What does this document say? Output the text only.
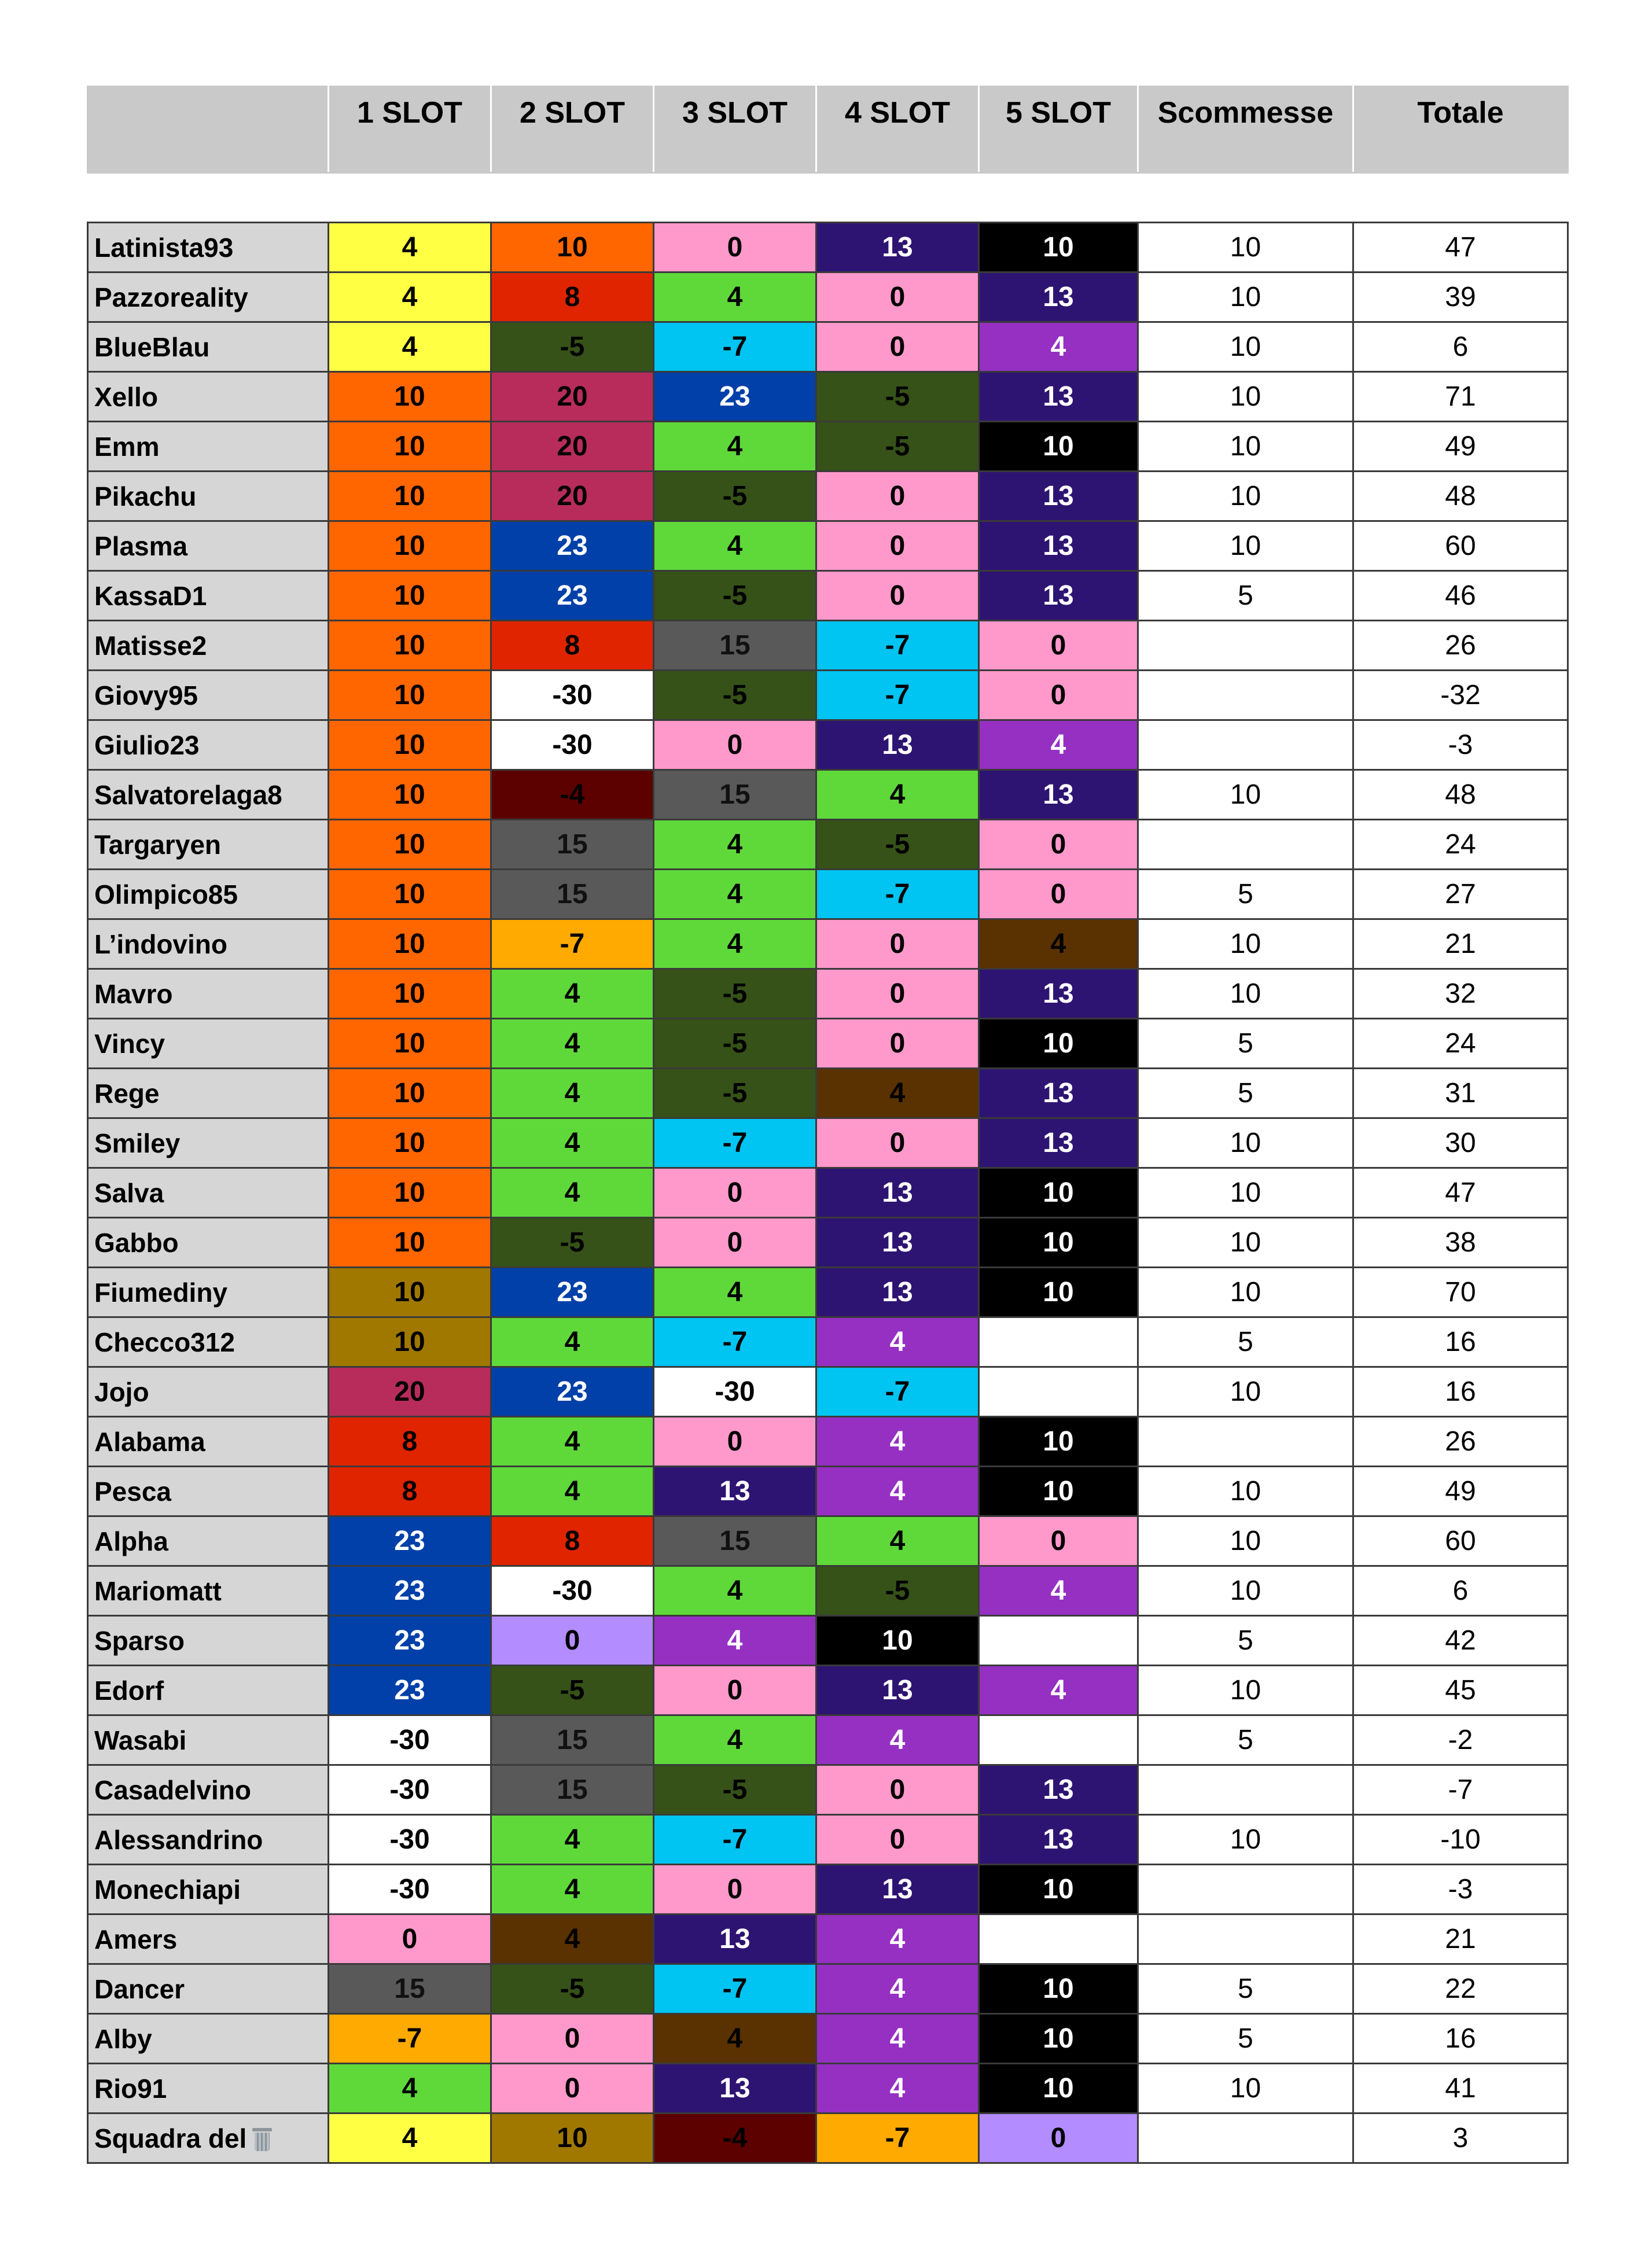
	1 SLOT	2 SLOT	3 SLOT	4 SLOT	5 SLOT	Scommesse	Totale

Latinista93	4	10	0	13	10	10	47
Pazzoreality	4	8	4	0	13	10	39
BlueBlau	4	-5	-7	0	4	10	6
Xello	10	20	23	-5	13	10	71
Emm	10	20	4	-5	10	10	49
Pikachu	10	20	-5	0	13	10	48
Plasma	10	23	4	0	13	10	60
KassaD1	10	23	-5	0	13	5	46
Matisse2	10	8	15	-7	0		26
Giovy95	10	-30	-5	-7	0		-32
Giulio23	10	-30	0	13	4		-3
Salvatorelaga8	10	-4	15	4	13	10	48
Targaryen	10	15	4	-5	0		24
Olimpico85	10	15	4	-7	0	5	27
L’indovino	10	-7	4	0	4	10	21
Mavro	10	4	-5	0	13	10	32
Vincy	10	4	-5	0	10	5	24
Rege	10	4	-5	4	13	5	31
Smiley	10	4	-7	0	13	10	30
Salva	10	4	0	13	10	10	47
Gabbo	10	-5	0	13	10	10	38
Fiumediny	10	23	4	13	10	10	70
Checco312	10	4	-7	4		5	16
Jojo	20	23	-30	-7		10	16
Alabama	8	4	0	4	10		26
Pesca	8	4	13	4	10	10	49
Alpha	23	8	15	4	0	10	60
Mariomatt	23	-30	4	-5	4	10	6
Sparso	23	0	4	10		5	42
Edorf	23	-5	0	13	4	10	45
Wasabi	-30	15	4	4		5	-2
Casadelvino	-30	15	-5	0	13		-7
Alessandrino	-30	4	-7	0	13	10	-10
Monechiapi	-30	4	0	13	10		-3
Amers	0	4	13	4			21
Dancer	15	-5	-7	4	10	5	22
Alby	-7	0	4	4	10	5	16
Rio91	4	0	13	4	10	10	41
Squadra del	4	10	-4	-7	0		3
